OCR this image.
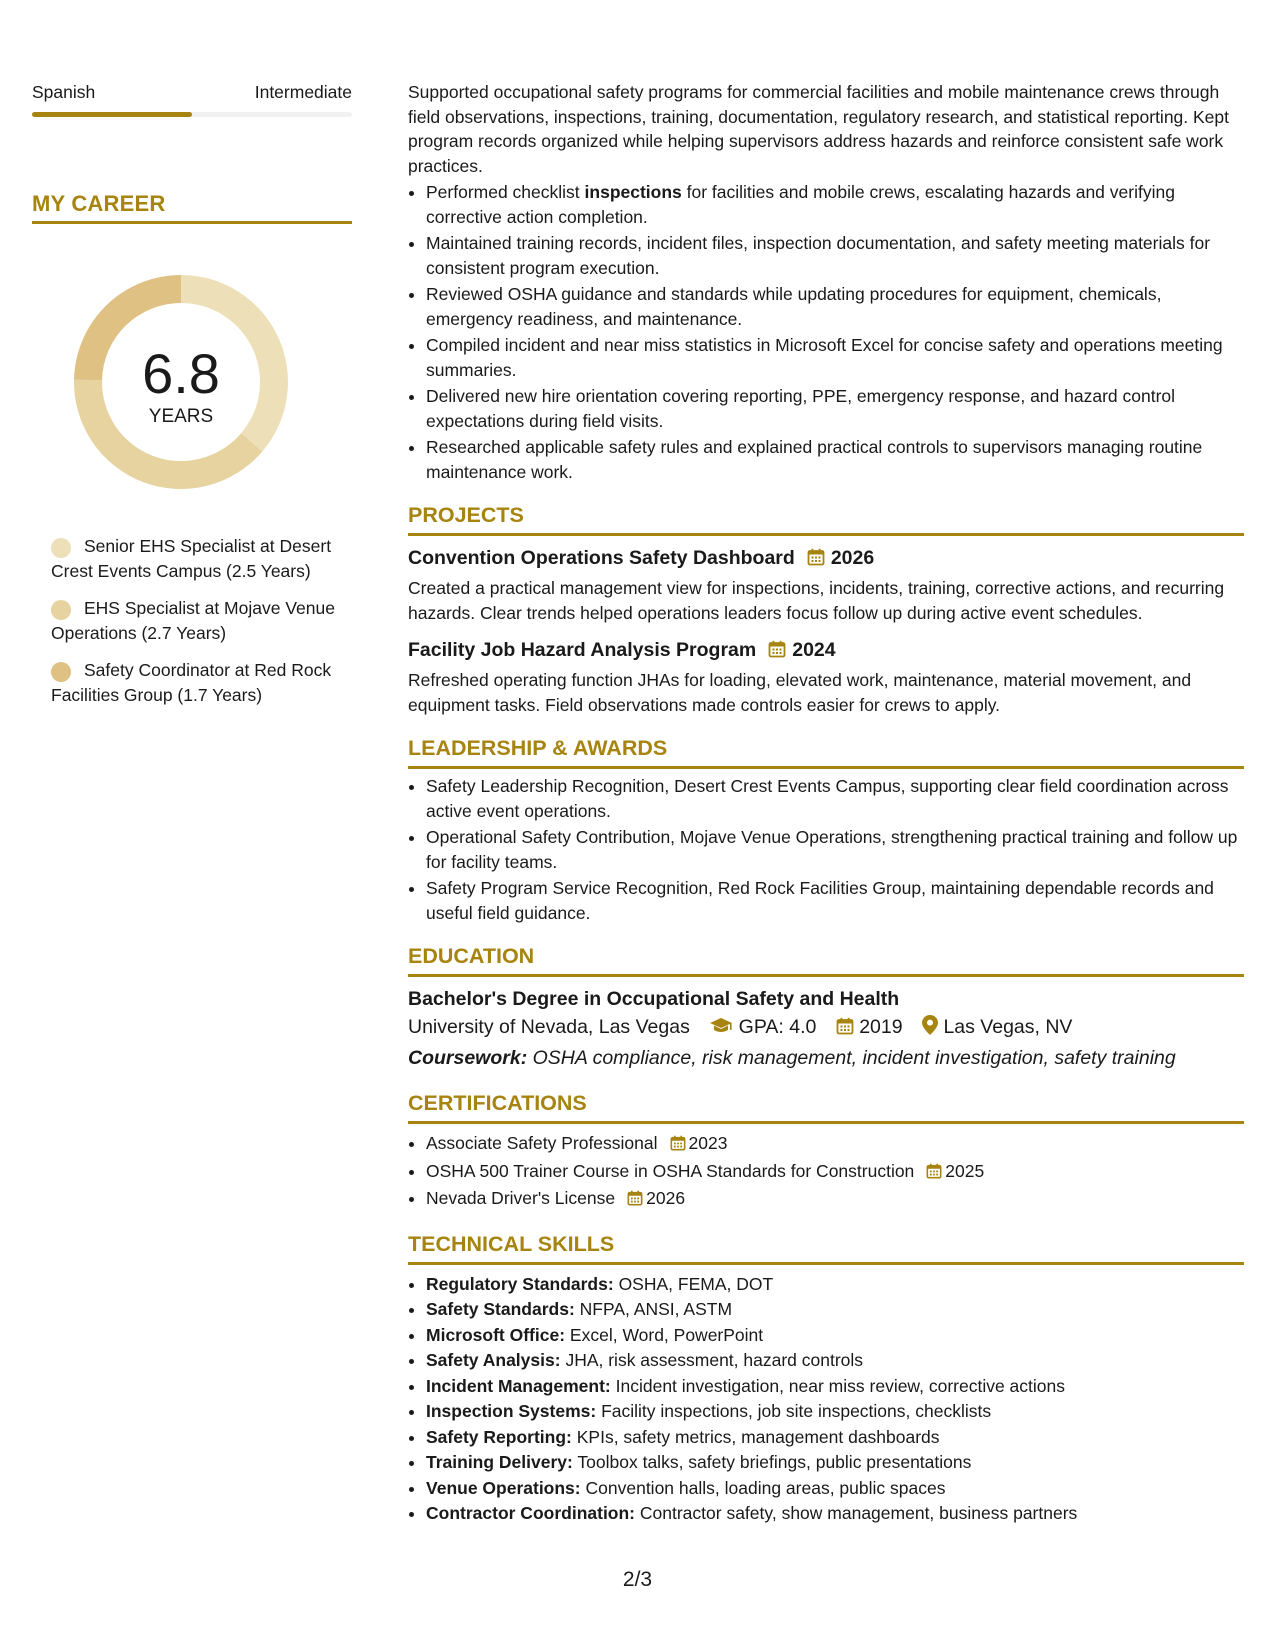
Spanish	Intermediate
MY CAREER
6.8
YEARS
Senior EHS Specialist at Desert Crest Events Campus (2.5 Years)
EHS Specialist at Mojave Venue Operations (2.7 Years)
Safety Coordinator at Red Rock Facilities Group (1.7 Years)

Supported occupational safety programs for commercial facilities and mobile maintenance crews through field observations, inspections, training, documentation, regulatory research, and statistical reporting. Kept program records organized while helping supervisors address hazards and reinforce consistent safe work practices.

• Performed checklist inspections for facilities and mobile crews, escalating hazards and verifying corrective action completion.
• Maintained training records, incident files, inspection documentation, and safety meeting materials for consistent program execution.
• Reviewed OSHA guidance and standards while updating procedures for equipment, chemicals, emergency readiness, and maintenance.
• Compiled incident and near miss statistics in Microsoft Excel for concise safety and operations meeting summaries.
• Delivered new hire orientation covering reporting, PPE, emergency response, and hazard control expectations during field visits.
• Researched applicable safety rules and explained practical controls to supervisors managing routine maintenance work.
PROJECTS
Convention Operations Safety Dashboard 2026
Created a practical management view for inspections, incidents, training, corrective actions, and recurring hazards. Clear trends helped operations leaders focus follow up during active event schedules.
Facility Job Hazard Analysis Program 2024
Refreshed operating function JHAs for loading, elevated work, maintenance, material movement, and equipment tasks. Field observations made controls easier for crews to apply.
LEADERSHIP & AWARDS
• Safety Leadership Recognition, Desert Crest Events Campus, supporting clear field coordination across active event operations.
• Operational Safety Contribution, Mojave Venue Operations, strengthening practical training and follow up for facility teams.
• Safety Program Service Recognition, Red Rock Facilities Group, maintaining dependable records and useful field guidance.
EDUCATION
Bachelor's Degree in Occupational Safety and Health
University of Nevada, Las Vegas	GPA: 4.0 2019 Las Vegas, NV
Coursework: OSHA compliance, risk management, incident investigation, safety training
CERTIFICATIONS
• Associate Safety Professional 2023
• OSHA 500 Trainer Course in OSHA Standards for Construction 2025
• Nevada Driver's License 2026
TECHNICAL SKILLS
• Regulatory Standards: OSHA, FEMA, DOT
• Safety Standards: NFPA, ANSI, ASTM
• Microsoft Office: Excel, Word, PowerPoint
• Safety Analysis: JHA, risk assessment, hazard controls
• Incident Management: Incident investigation, near miss review, corrective actions
• Inspection Systems: Facility inspections, job site inspections, checklists
• Safety Reporting: KPIs, safety metrics, management dashboards
• Training Delivery: Toolbox talks, safety briefings, public presentations
• Venue Operations: Convention halls, loading areas, public spaces
• Contractor Coordination: Contractor safety, show management, business partners
2/3
